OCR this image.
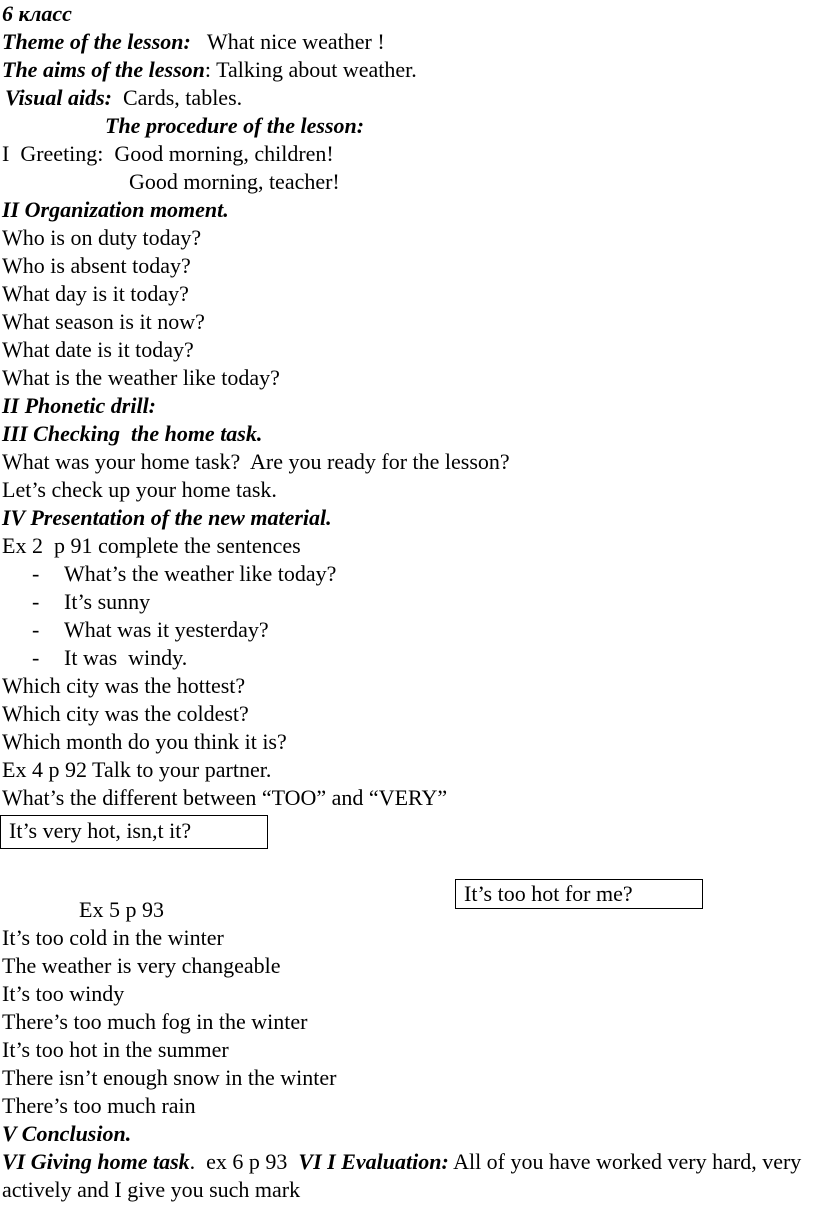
6 класс
Theme of the lesson:   What nice weather !
The aims of the lesson: Talking about weather.
Visual aids:  Cards, tables.
The procedure of the lesson:
I  Greeting:  Good morning, children!
Good morning, teacher!
II Organization moment.
Who is on duty today?
Who is absent today?
What day is it today?
What season is it now?
What date is it today?
What is the weather like today?
II Phonetic drill:
III Checking  the home task.
What was your home task?  Are you ready for the lesson?
Let’s check up your home task.
IV Presentation of the new material.
Ex 2  p 91 complete the sentences
- What’s the weather like today?
- It’s sunny
- What was it yesterday?
- It was  windy.
Which city was the hottest?
Which city was the coldest?
Which month do you think it is?
Ex 4 p 92 Talk to your partner.
What’s the different between “TOO” and “VERY”
Ex 5 p 93
It’s too cold in the winter
The weather is very changeable
It’s too windy
There’s too much fog in the winter
It’s too hot in the summer
There isn’t enough snow in the winter
There’s too much rain
V Conclusion.
VI Giving home task.  ex 6 p 93  VI I Evaluation: All of you have worked very hard, very actively and I give you such mark
It’s very hot, isn,t it?
It’s too hot for me?
